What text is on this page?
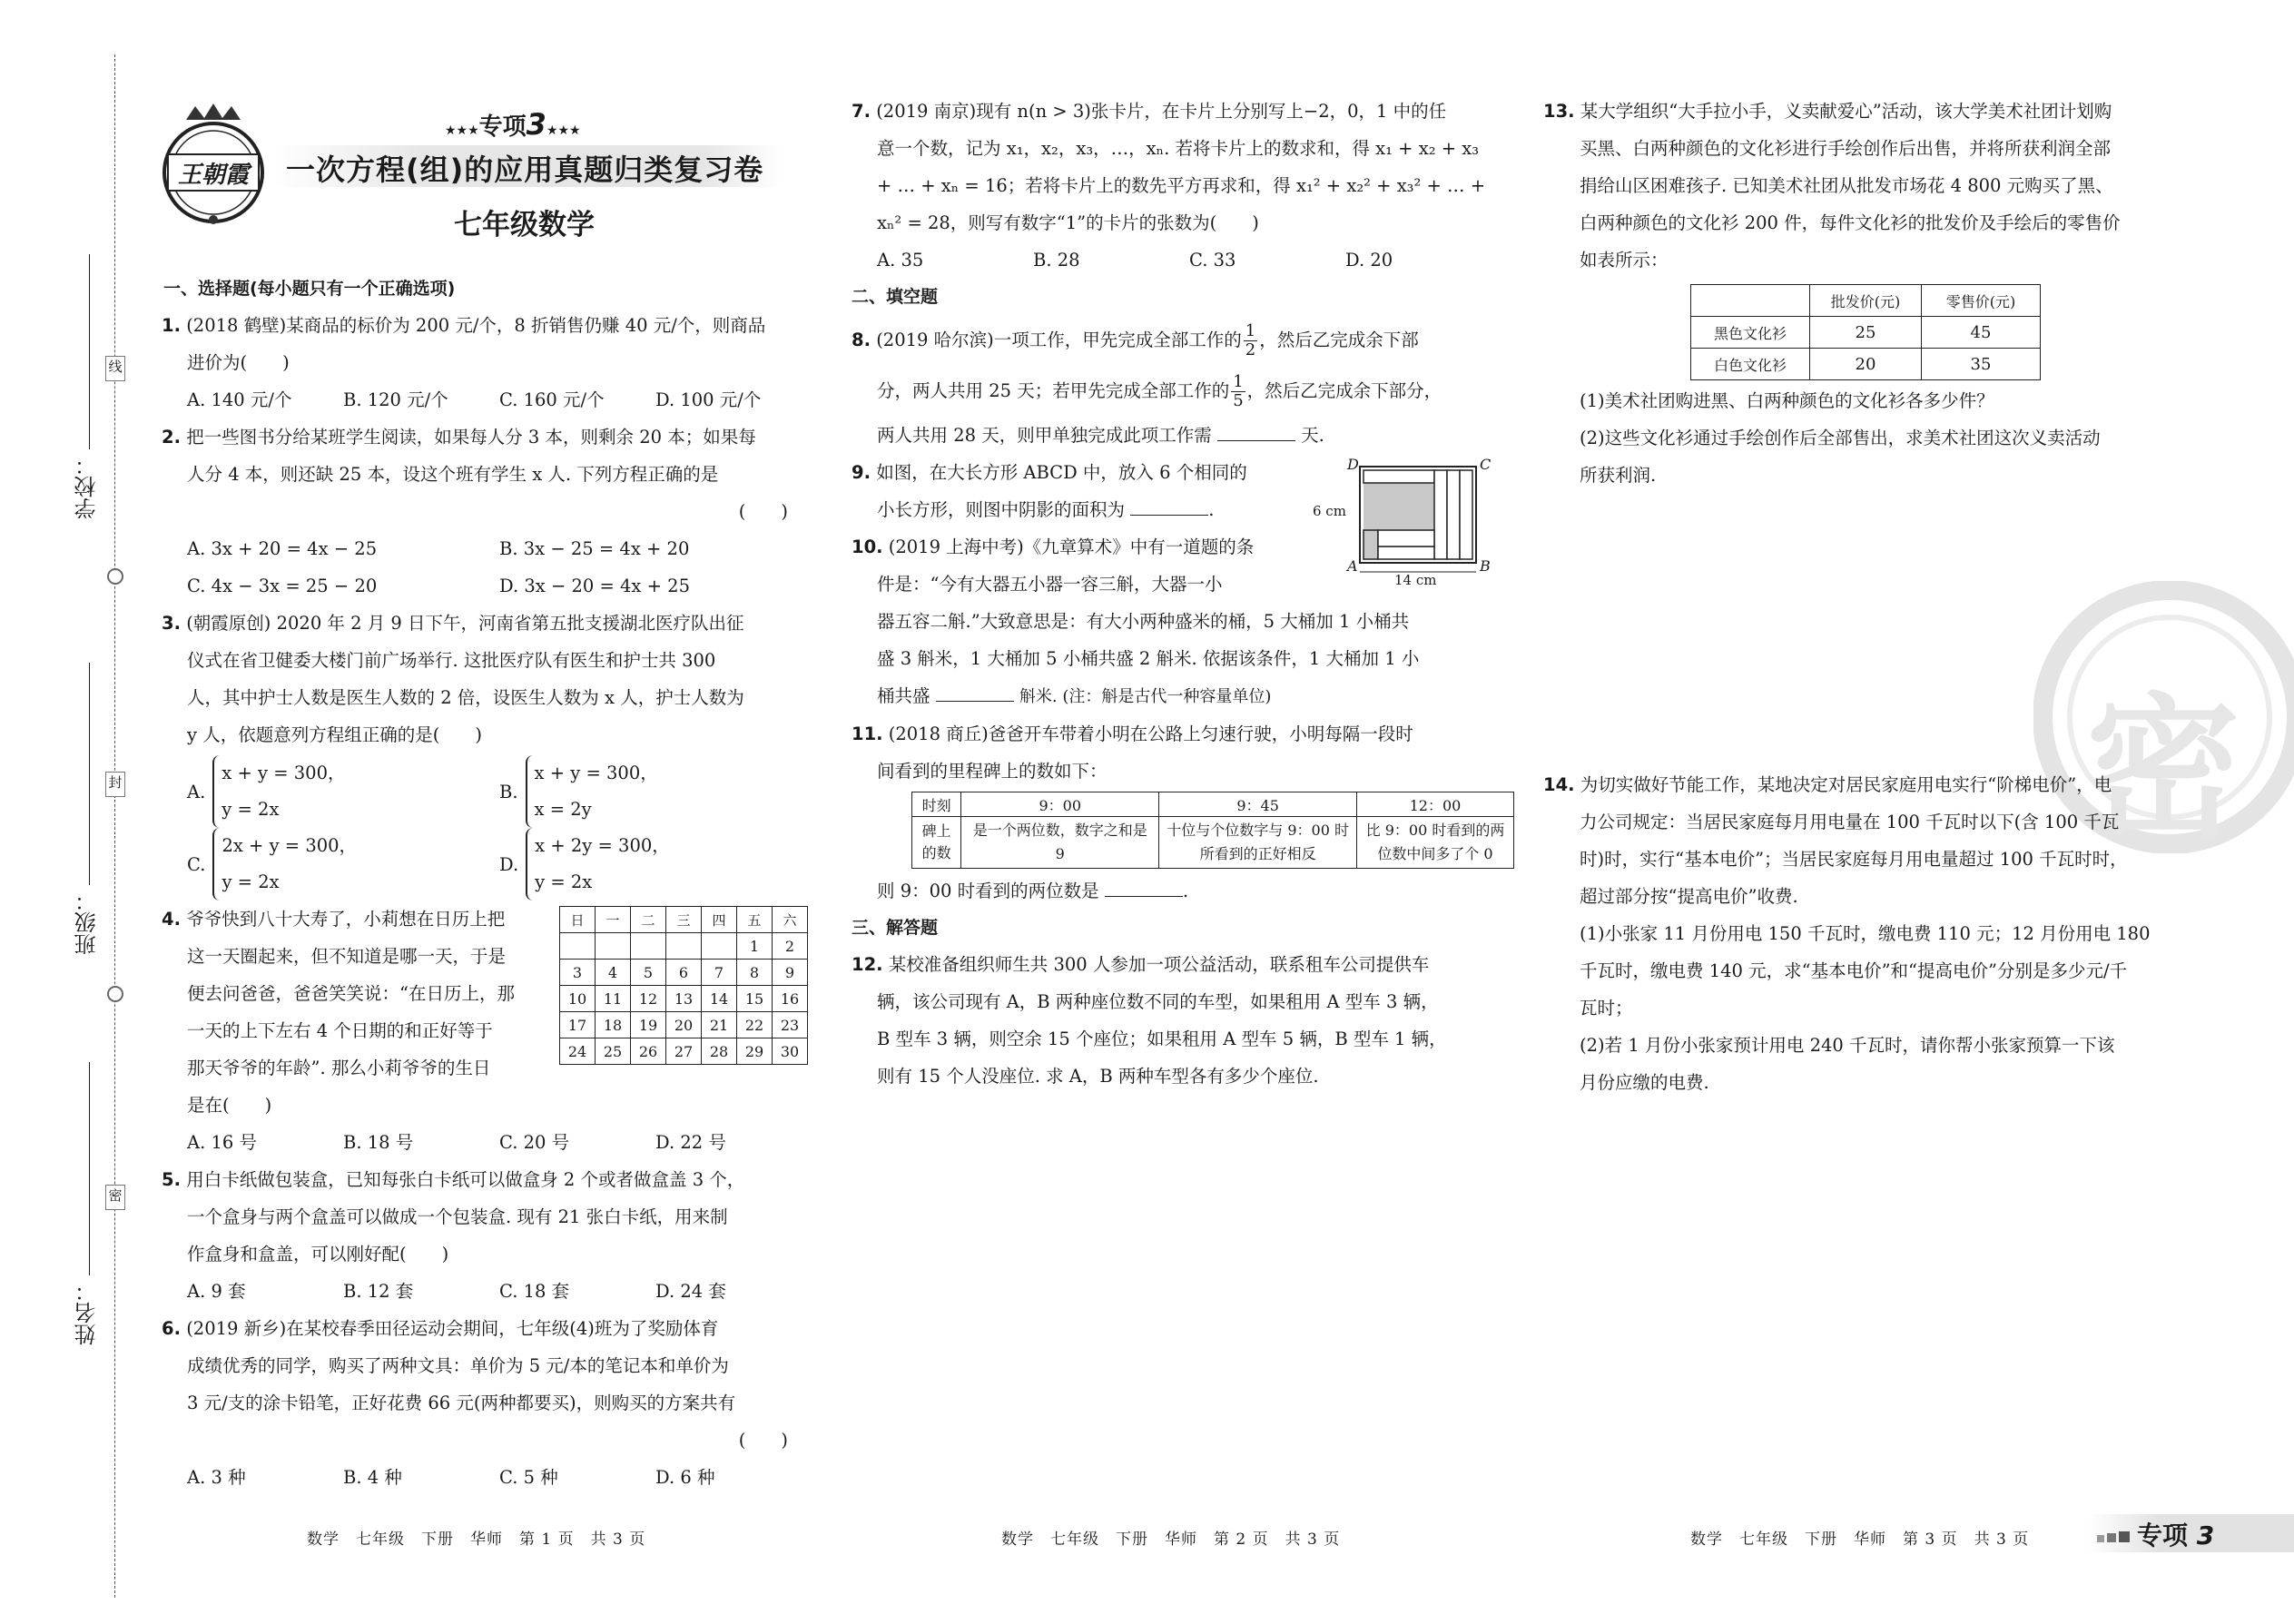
学校：
班级：
姓名：
线
封
密
王朝霞
★★★专项3★★★
一次方程(组)的应用真题归类复习卷
七年级数学
一、选择题(每小题只有一个正确选项)
1. (2018 鹤壁)某商品的标价为 200 元/个，8 折销售仍赚 40 元/个，则商品
进价为(　　)
A. 140 元/个	B. 120 元/个	C. 160 元/个	D. 100 元/个
2. 把一些图书分给某班学生阅读，如果每人分 3 本，则剩余 20 本；如果每
人分 4 本，则还缺 25 本，设这个班有学生 x 人. 下列方程正确的是
(　　)
A. 3x + 20 = 4x − 25	B. 3x − 25 = 4x + 20
C. 4x − 3x = 25 − 20	D. 3x − 20 = 4x + 25
3. (朝霞原创) 2020 年 2 月 9 日下午，河南省第五批支援湖北医疗队出征
仪式在省卫健委大楼门前广场举行. 这批医疗队有医生和护士共 300
人，其中护士人数是医生人数的 2 倍，设医生人数为 x 人，护士人数为
y 人，依题意列方程组正确的是(　　)
A.
x + y = 300，
y = 2x
B.
x + y = 300，
x = 2y
C.
2x + y = 300，
y = 2x
D.
x + 2y = 300，
y = 2x
4. 爷爷快到八十大寿了，小莉想在日历上把
这一天圈起来，但不知道是哪一天，于是
便去问爸爸，爸爸笑笑说：“在日历上，那
一天的上下左右 4 个日期的和正好等于
那天爷爷的年龄”. 那么小莉爷爷的生日
是在(　　)
日	一	二	三	四	五	六
					1	2
3	4	5	6	7	8	9
10	11	12	13	14	15	16
17	18	19	20	21	22	23
24	25	26	27	28	29	30
A. 16 号	B. 18 号	C. 20 号	D. 22 号
5. 用白卡纸做包装盒，已知每张白卡纸可以做盒身 2 个或者做盒盖 3 个，
一个盒身与两个盒盖可以做成一个包装盒. 现有 21 张白卡纸，用来制
作盒身和盒盖，可以刚好配(　　)
A. 9 套	B. 12 套	C. 18 套	D. 24 套
6. (2019 新乡)在某校春季田径运动会期间，七年级(4)班为了奖励体育
成绩优秀的同学，购买了两种文具：单价为 5 元/本的笔记本和单价为
3 元/支的涂卡铅笔，正好花费 66 元(两种都要买)，则购买的方案共有
(　　)
A. 3 种	B. 4 种	C. 5 种	D. 6 种
7. (2019 南京)现有 n(n > 3)张卡片，在卡片上分别写上−2，0，1 中的任
意一个数，记为 x₁，x₂，x₃，…，xₙ. 若将卡片上的数求和，得 x₁ + x₂ + x₃
+ … + xₙ = 16；若将卡片上的数先平方再求和，得 x₁² + x₂² + x₃² + … +
xₙ² = 28，则写有数字“1”的卡片的张数为(　　)
A. 35	B. 28	C. 33	D. 20
二、填空题
8. (2019 哈尔滨)一项工作，甲先完成全部工作的 $\frac{1}{2}$ ，然后乙完成余下部
分，两人共用 25 天；若甲先完成全部工作的 $\frac{1}{5}$ ，然后乙完成余下部分，
两人共用 28 天，则甲单独完成此项工作需	天.
9. 如图，在大长方形 ABCD 中，放入 6 个相同的
小长方形，则图中阴影的面积为	.
10. (2019 上海中考)《九章算术》中有一道题的条
件是：“今有大器五小器一容三斛，大器一小
D	C
A	B
6 cm
14 cm
器五容二斛.”大致意思是：有大小两种盛米的桶，5 大桶加 1 小桶共
盛 3 斛米，1 大桶加 5 小桶共盛 2 斛米. 依据该条件，1 大桶加 1 小
桶共盛	斛米. (注：斛是古代一种容量单位)
11. (2018 商丘)爸爸开车带着小明在公路上匀速行驶，小明每隔一段时
间看到的里程碑上的数如下：
时刻	9：00	9：45	12：00
碑上的数	是一个两位数，数字之和是 9	十位与个位数字与 9：00 时所看到的正好相反	比 9：00 时看到的两位数中间多了个 0
则 9：00 时看到的两位数是	.
三、解答题
12. 某校准备组织师生共 300 人参加一项公益活动，联系租车公司提供车
辆，该公司现有 A，B 两种座位数不同的车型，如果租用 A 型车 3 辆，
B 型车 3 辆，则空余 15 个座位；如果租用 A 型车 5 辆，B 型车 1 辆，
则有 15 个人没座位. 求 A，B 两种车型各有多少个座位.
密
13. 某大学组织“大手拉小手，义卖献爱心”活动，该大学美术社团计划购
买黑、白两种颜色的文化衫进行手绘创作后出售，并将所获利润全部
捐给山区困难孩子. 已知美术社团从批发市场花 4 800 元购买了黑、
白两种颜色的文化衫 200 件，每件文化衫的批发价及手绘后的零售价
如表所示：
	批发价(元)	零售价(元)
黑色文化衫	25	45
白色文化衫	20	35
(1)美术社团购进黑、白两种颜色的文化衫各多少件？
(2)这些文化衫通过手绘创作后全部售出，求美术社团这次义卖活动
所获利润.
14. 为切实做好节能工作，某地决定对居民家庭用电实行“阶梯电价”，电
力公司规定：当居民家庭每月用电量在 100 千瓦时以下(含 100 千瓦
时)时，实行“基本电价”；当居民家庭每月用电量超过 100 千瓦时时，
超过部分按“提高电价”收费.
(1)小张家 11 月份用电 150 千瓦时，缴电费 110 元；12 月份用电 180
千瓦时，缴电费 140 元，求“基本电价”和“提高电价”分别是多少元/千
瓦时；
(2)若 1 月份小张家预计用电 240 千瓦时，请你帮小张家预算一下该
月份应缴的电费.
数学　七年级　下册　华师　第 1 页　共 3 页	数学　七年级　下册　华师　第 2 页　共 3 页	数学　七年级　下册　华师　第 3 页　共 3 页	专项 3
